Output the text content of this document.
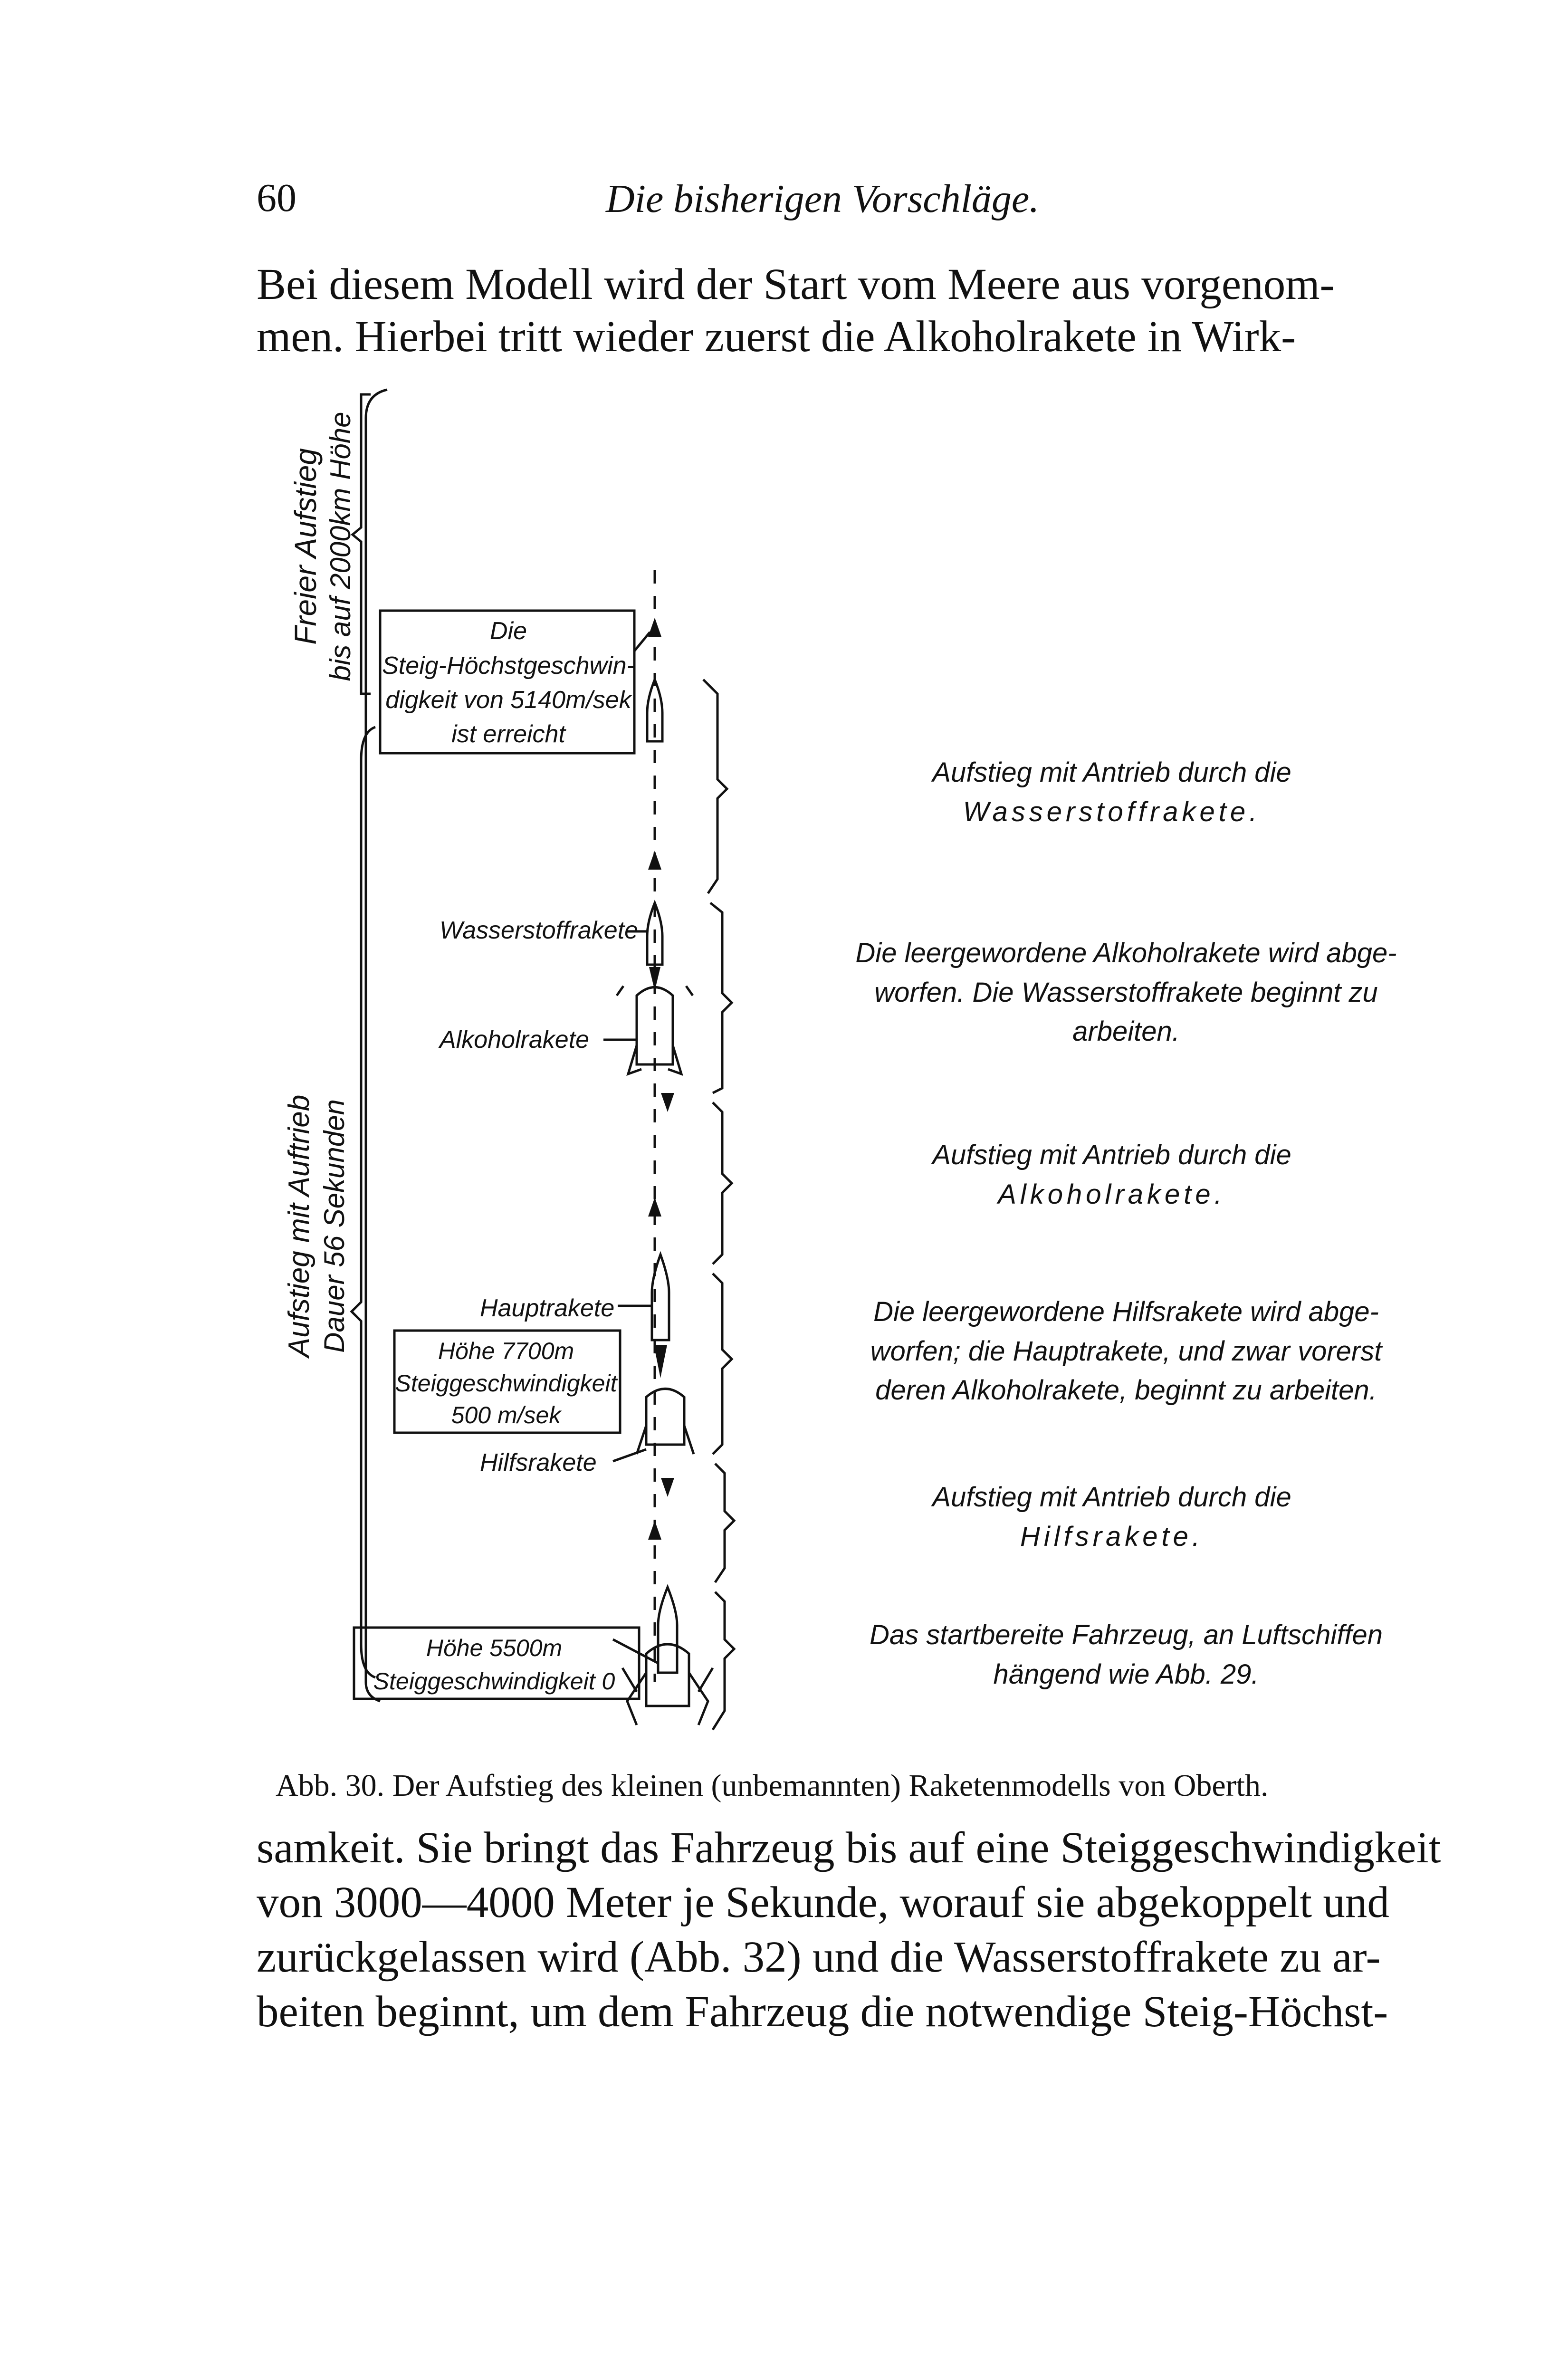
60	Die bisherigen Vorschläge.
Bei diesem Modell wird der Start vom Meere aus vorgenom-
men. Hierbei tritt wieder zuerst die Alkoholrakete in Wirk-
Freier Aufstieg bis auf 2000km Höhe
Aufstieg mit Auftrieb Dauer 56 Sekunden
Die
Steig-Höchstgeschwin-
digkeit von 5140m/sek
ist erreicht
Wasserstoffrakete
Alkoholrakete
Hauptrakete
Höhe 7700m
Steiggeschwindigkeit
500 m/sek
Hilfsrakete
Höhe 5500m
Steiggeschwindigkeit 0
Aufstieg mit Antrieb durch die
Wasserstoffrakete.
Die leergewordene Alkoholrakete wird abge-
worfen. Die Wasserstoffrakete beginnt zu
arbeiten.
Aufstieg mit Antrieb durch die
Alkoholrakete.
Die leergewordene Hilfsrakete wird abge-
worfen; die Hauptrakete, und zwar vorerst
deren Alkoholrakete, beginnt zu arbeiten.
Aufstieg mit Antrieb durch die
Hilfsrakete.
Das startbereite Fahrzeug, an Luftschiffen
hängend wie Abb. 29.
Abb. 30. Der Aufstieg des kleinen (unbemannten) Raketenmodells von Oberth.
samkeit. Sie bringt das Fahrzeug bis auf eine Steiggeschwindigkeit
von 3000—4000 Meter je Sekunde, worauf sie abgekoppelt und
zurückgelassen wird (Abb. 32) und die Wasserstoffrakete zu ar-
beiten beginnt, um dem Fahrzeug die notwendige Steig-Höchst-
